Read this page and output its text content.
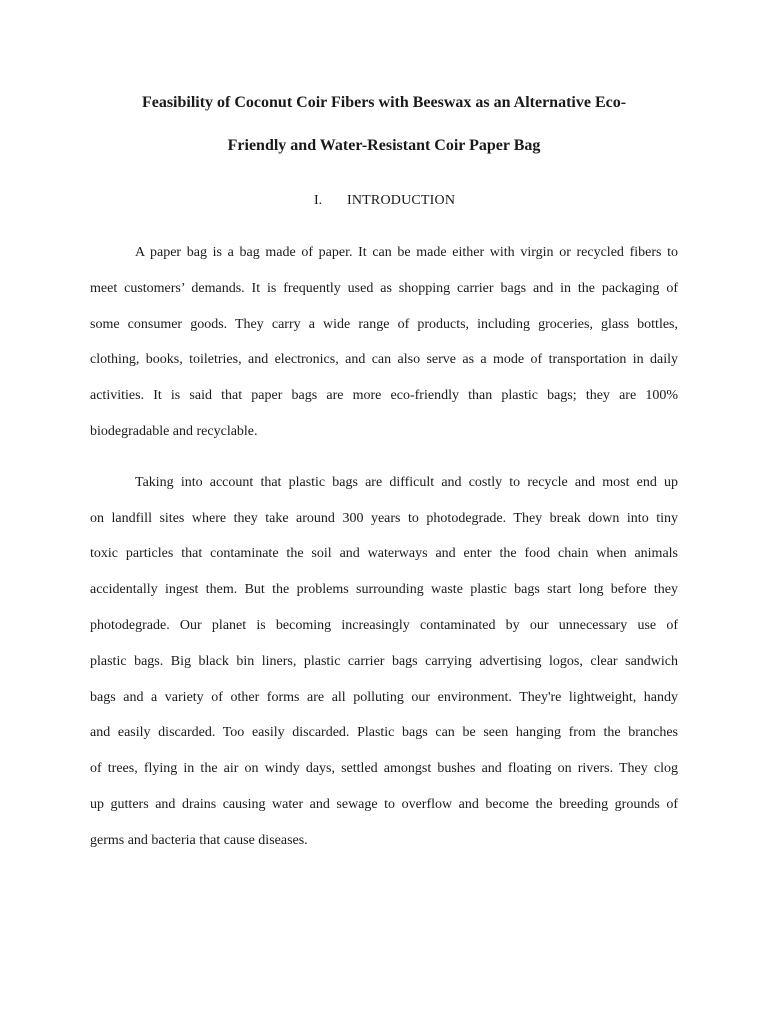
Feasibility of Coconut Coir Fibers with Beeswax as an Alternative Eco-
Friendly and Water-Resistant Coir Paper Bag
I. INTRODUCTION
A paper bag is a bag made of paper. It can be made either with virgin or recycled fibers to
meet customers’ demands. It is frequently used as shopping carrier bags and in the packaging of
some consumer goods. They carry a wide range of products, including groceries, glass bottles,
clothing, books, toiletries, and electronics, and can also serve as a mode of transportation in daily
activities. It is said that paper bags are more eco-friendly than plastic bags; they are 100%
biodegradable and recyclable.
Taking into account that plastic bags are difficult and costly to recycle and most end up
on landfill sites where they take around 300 years to photodegrade. They break down into tiny
toxic particles that contaminate the soil and waterways and enter the food chain when animals
accidentally ingest them. But the problems surrounding waste plastic bags start long before they
photodegrade. Our planet is becoming increasingly contaminated by our unnecessary use of
plastic bags. Big black bin liners, plastic carrier bags carrying advertising logos, clear sandwich
bags and a variety of other forms are all polluting our environment. They're lightweight, handy
and easily discarded. Too easily discarded. Plastic bags can be seen hanging from the branches
of trees, flying in the air on windy days, settled amongst bushes and floating on rivers. They clog
up gutters and drains causing water and sewage to overflow and become the breeding grounds of
germs and bacteria that cause diseases.
